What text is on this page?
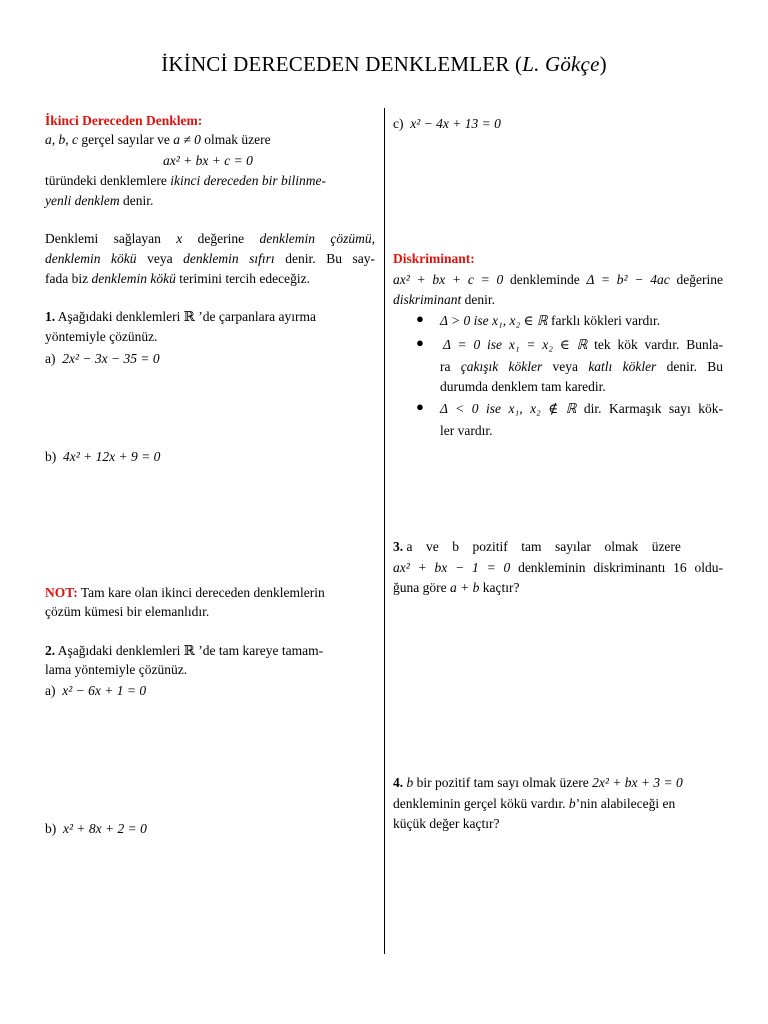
İKİNCİ DERECEDEN DENKLEMLER (L. Gökçe)
İkinci Dereceden Denklem:
a, b, c gerçel sayılar ve a ≠ 0 olmak üzere
ax² + bx + c = 0
türündeki denklemlere ikinci dereceden bir bilinme-
yenli denklem denir.
Denklemi sağlayan x değerine denklemin çözümü,
denklemin kökü veya denklemin sıfırı denir. Bu say-
fada biz denklemin kökü terimini tercih edeceğiz.
1. Aşağıdaki denklemleri ℝ ’de çarpanlara ayırma
yöntemiyle çözünüz.
a) 2x² − 3x − 35 = 0
b) 4x² + 12x + 9 = 0
NOT: Tam kare olan ikinci dereceden denklemlerin
çözüm kümesi bir elemanlıdır.
2. Aşağıdaki denklemleri ℝ ’de tam kareye tamam-
lama yöntemiyle çözünüz.
a) x² − 6x + 1 = 0
b) x² + 8x + 2 = 0
c) x² − 4x + 13 = 0
Diskriminant:
ax² + bx + c = 0 denkleminde Δ = b² − 4ac değerine
diskriminant denir.
● Δ > 0 ise x₁, x₂ ∈ ℝ farklı kökleri vardır.
● Δ = 0 ise x₁ = x₂ ∈ ℝ tek kök vardır. Bunla-
ra çakışık kökler veya katlı kökler denir. Bu
durumda denklem tam karedir.
● Δ < 0 ise x₁, x₂ ∉ ℝ dir. Karmaşık sayı kök-
ler vardır.
3. a    ve    b    pozitif    tam    sayılar    olmak    üzere
ax² + bx − 1 = 0 denkleminin diskriminantı 16 oldu-
ğuna göre a + b kaçtır?
4. b bir pozitif tam sayı olmak üzere 2x² + bx + 3 = 0
denkleminin gerçel kökü vardır. b’nin alabileceği en
küçük değer kaçtır?
